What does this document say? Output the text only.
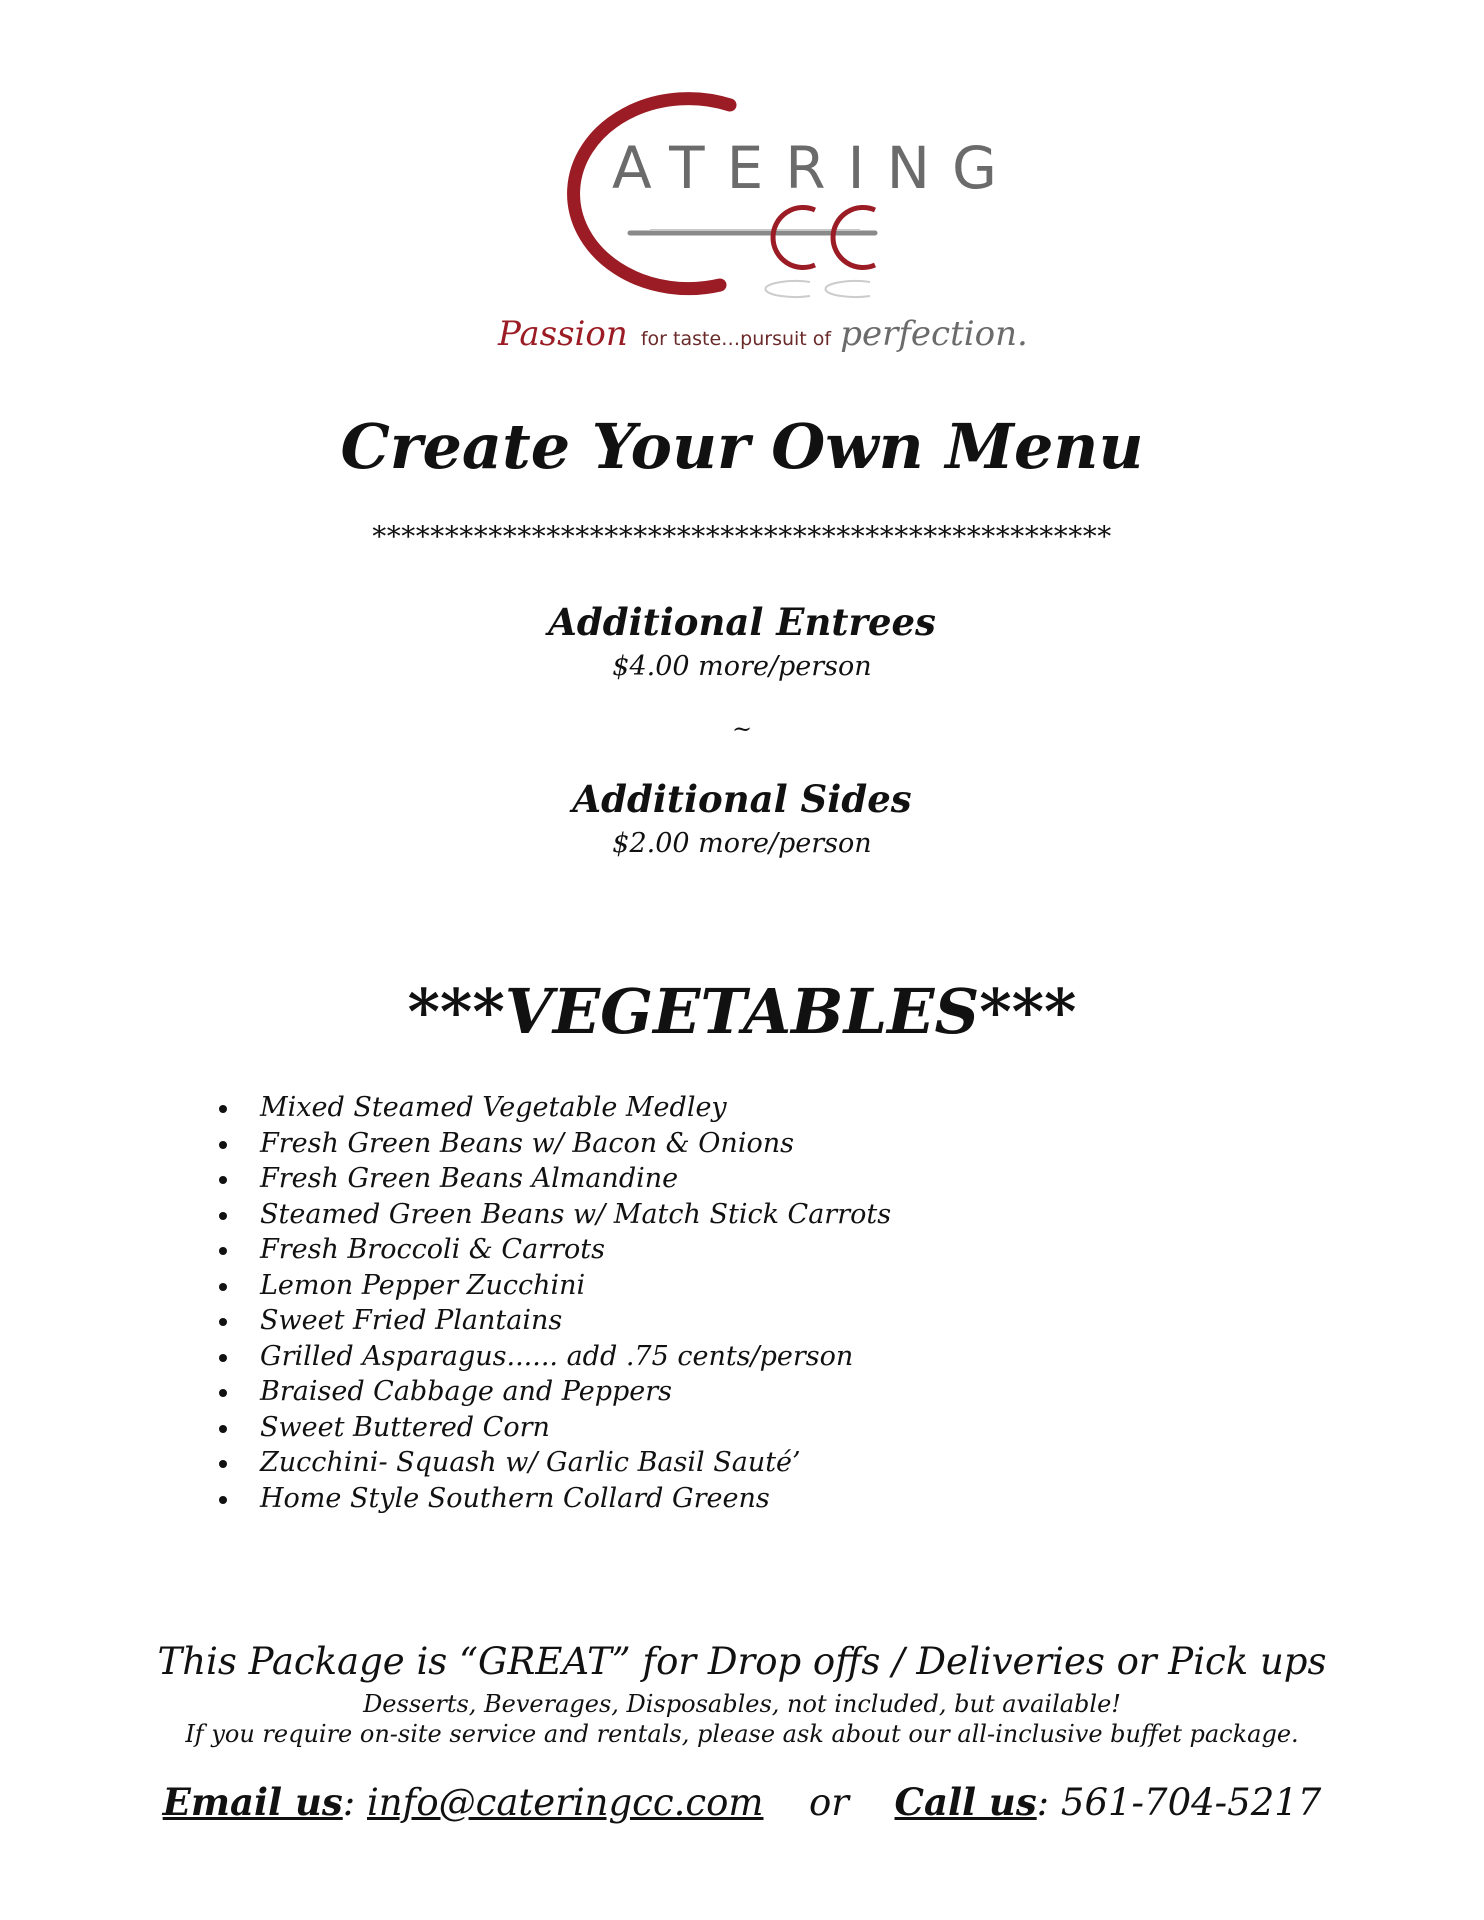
ATERING
Passion for taste…pursuit of perfection.
Create Your Own Menu
***************************************************
Additional Entrees
$4.00 more/person
~
Additional Sides
$2.00 more/person
***VEGETABLES***
Mixed Steamed Vegetable Medley
Fresh Green Beans w/ Bacon & Onions
Fresh Green Beans Almandine
Steamed Green Beans w/ Match Stick Carrots
Fresh Broccoli & Carrots
Lemon Pepper Zucchini
Sweet Fried Plantains
Grilled Asparagus...... add .75 cents/person
Braised Cabbage and Peppers
Sweet Buttered Corn
Zucchini- Squash w/ Garlic Basil Sauté’
Home Style Southern Collard Greens
This Package is “GREAT” for Drop offs / Deliveries or Pick ups
Desserts, Beverages, Disposables, not included, but available!
If you require on-site service and rentals, please ask about our all-inclusive buffet package.
Email us: info@cateringcc.com or Call us: 561-704-5217
